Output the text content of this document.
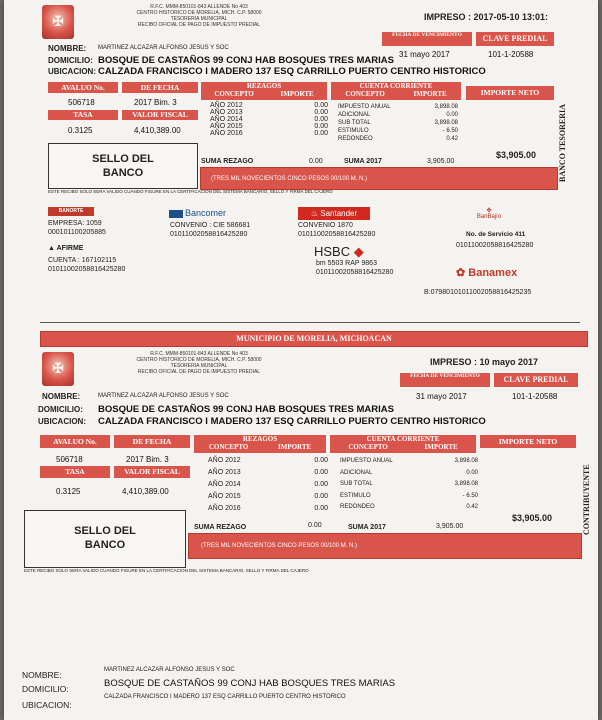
✠
R.F.C. MMM-850101-843 ALLENDE No 403
CENTRO HISTORICO DE MORELIA, MICH. C.P. 58000
TESORERIA MUNICIPAL
RECIBO OFICIAL DE PAGO DE IMPUESTO PREDIAL
IMPRESO : 2017-05-10 13:01:
FECHA DE VENCIMIENTO	CLAVE PREDIAL
31 mayo 2017	101-1-20588
NOMBRE: MARTINEZ ALCAZAR ALFONSO JESUS Y SOC
DOMICILIO: BOSQUE DE CASTAÑOS 99 CONJ HAB BOSQUES TRES MARIAS
UBICACION: CALZADA FRANCISCO I MADERO 137 ESQ CARRILLO PUERTO CENTRO HISTORICO
AVALUO No.	DE FECHA	REZAGOS
CONCEPTO	IMPORTE
CUENTA CORRIENTE
CONCEPTO	IMPORTE	IMPORTE NETO
506718	2017 Bim. 3
TASA	VALOR FISCAL
0.3125	4,410,389.00
AÑO 2012	0.00
AÑO 2013	0.00
AÑO 2014	0.00
AÑO 2015	0.00
AÑO 2016	0.00
IMPUESTO ANUAL	3,898.08
ADICIONAL	0.00
SUB TOTAL	3,898.08
ESTIMULO	- 6.50
REDONDEO	0.42
$3,905.00
SELLO DEL
BANCO
SUMA REZAGO	0.00	SUMA 2017	3,905.00
(TRES MIL NOVECIENTOS CINCO PESOS 00/100 M. N.)
ESTE RECIBO SOLO SERA VALIDO CUANDO FIGURE EN LA CERTIFICACION DEL SISTEMA BANCARIO, SELLO Y FIRMA DEL CAJERO
BANCO TESORERIA
BANORTE
EMPRESA: 1059
000101100205885
Bancomer
CONVENIO : CIE 586681
01011002058816425280
♨ Santander
CONVENIO 1870
01011002058816425280
✤
BanBajío
No. de Servicio 411
01011002058816425280
▲ AFIRME
CUENTA : 167102115
01011002058816425280
HSBC ◆
bm 5503 RAP 9863
01011002058816425280	✿ Banamex
B:07980101011002058816425235
MUNICIPIO DE MORELIA, MICHOACAN
✠
R.F.C. MMM-850101-843 ALLENDE No 403
CENTRO HISTORICO DE MORELIA, MICH. C.P. 58000
TESORERIA MUNICIPAL
RECIBO OFICIAL DE PAGO DE IMPUESTO PREDIAL
IMPRESO : 10 mayo 2017
FECHA DE VENCIMIENTO	CLAVE PREDIAL
31 mayo 2017	101-1-20588
NOMBRE:	MARTINEZ ALCAZAR ALFONSO JESUS Y SOC
DOMICILIO: BOSQUE DE CASTAÑOS 99 CONJ HAB BOSQUES TRES MARIAS
UBICACION: CALZADA FRANCISCO I MADERO 137 ESQ CARRILLO PUERTO CENTRO HISTORICO
AVALUO No.	DE FECHA	REZAGOS
CONCEPTO	IMPORTE
CUENTA CORRIENTE
CONCEPTO	IMPORTE
IMPORTE NETO
506718	2017 Bim. 3
TASA	VALOR FISCAL
0.3125	4,410,389.00
AÑO 2012	0.00
AÑO 2013	0.00
AÑO 2014	0.00
AÑO 2015	0.00
AÑO 2016	0.00
IMPUESTO ANUAL	3,898.08
ADICIONAL	0.00
SUB TOTAL	3,898.08
ESTIMULO	- 6.50
REDONDEO	0.42
$3,905.00	CONTRIBUYENTE
SELLO DEL
BANCO
SUMA REZAGO	0.00	SUMA 2017	3,905.00
(TRES MIL NOVECIENTOS CINCO PESOS 00/100 M. N.)
ESTE RECIBO SOLO SERA VALIDO CUANDO FIGURE EN LA CERTIFICACION DEL SISTEMA BANCARIO, SELLO Y FIRMA DEL CAJERO
NOMBRE:	MARTINEZ ALCAZAR ALFONSO JESUS Y SOC
DOMICILIO:	BOSQUE DE CASTAÑOS 99 CONJ HAB BOSQUES TRES MARIAS
UBICACION:
CALZADA FRANCISCO I MADERO 137 ESQ CARRILLO PUERTO CENTRO HISTORICO
